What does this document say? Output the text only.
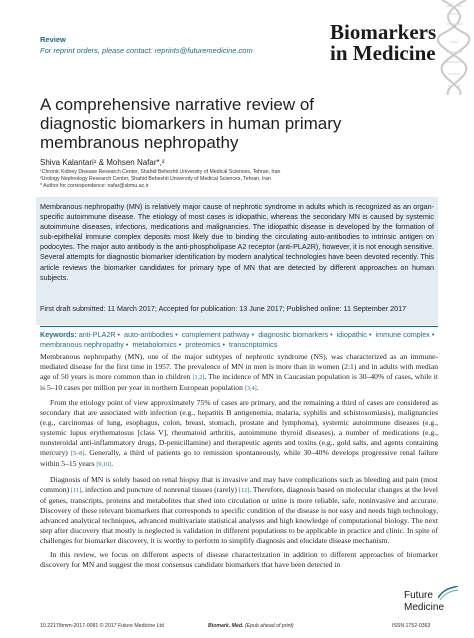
Review
For reprint orders, please contact: reprints@futuremedicine.com
Biomarkers
in Medicine
A comprehensive narrative review of
diagnostic biomarkers in human primary
membranous nephropathy
Shiva Kalantari¹ & Mohsen Nafar*,²
¹Chronic Kidney Disease Research Center, Shahid Beheshti University of Medical Sciences, Tehran, Iran
²Urology Nephrology Research Center, Shahid Beheshti University of Medical Sciences, Tehran, Iran
* Author for correspondence: nafar@sbmu.ac.ir
Membranous nephropathy (MN) is relatively major cause of nephrotic syndrome in adults which is recognized as an organ-specific autoimmune disease. The etiology of most cases is idiopathic, whereas the secondary MN is caused by systemic autoimmune diseases, infections, medications and malignancies. The idiopathic disease is developed by the formation of sub-epithelial immune complex deposits most likely due to binding the circulating auto-antibodies to intrinsic antigen on podocytes. The major auto antibody is the anti-phospholipase A2 receptor (anti-PLA2R), however, it is not enough sensitive. Several attempts for diagnostic biomarker identification by modern analytical technologies have been devoted recently. This article reviews the biomarker candidates for primary type of MN that are detected by different approaches on human subjects.
First draft submitted: 11 March 2017; Accepted for publication: 13 June 2017; Published online: 11 September 2017
Keywords: anti-PLA2R • auto-antibodies • complement pathway • diagnostic biomarkers • idiopathic • immune complex • membranous nephropathy • metabolomics • proteomics • transcriptomics

Membranous nephropathy (MN), one of the major subtypes of nephrotic syndrome (NS), was characterized as an immune-mediated disease for the first time in 1957. The prevalence of MN in men is more than in women (2:1) and in adults with median age of 50 years is more common than in children [1,2]. The incidence of MN in Caucasian population is 30–40% of cases, while it is 5–10 cases per million per year in northern European population [3,4].

From the etiology point of view approximately 75% of cases are primary, and the remaining a third of cases are considered as secondary that are associated with infection (e.g., hepatitis B antigenemia, malaria, syphilis and schistosomiasis), malignancies (e.g., carcinomas of lung, esophagus, colon, breast, stomach, prostate and lymphoma), systemic autoimmune diseases (e.g., systemic lupus erythematosus [class V], rheumatoid arthritis, autoimmune thyroid diseases), a number of medications (e.g., nonsteroidal anti-inflammatory drugs, D-penicillamine) and therapeutic agents and toxins (e.g., gold salts, and agents containing mercury) [5–8]. Generally, a third of patients go to remission spontaneously, while 30–40% develops progressive renal failure within 5–15 years [9,10].

Diagnosis of MN is solely based on renal biopsy that is invasive and may have complications such as bleeding and pain (most common) [11], infection and puncture of nonrenal tissues (rarely) [12]. Therefore, diagnosis based on molecular changes at the level of genes, transcripts, proteins and metabolites that shed into circulation or urine is more reliable, safe, noninvasive and accurate. Discovery of these relevant biomarkers that corresponds to specific condition of the disease is not easy and needs high technology, advanced analytical techniques, advanced multivariate statistical analyses and high knowledge of computational biology. The next step after discovery that mostly is neglected is validation in different populations to be applicable in practice and clinic. In spite of challenges for biomarker discovery, it is worthy to perform to simplify diagnosis and elucidate disease mechanism.

In this review, we focus on different aspects of disease characterization in addition to different approaches of biomarker discovery for MN and suggest the most consensus candidate biomarkers that have been detected in

Future
Medicine
10.2217/bmm-2017-0081 © 2017 Future Medicine Ltd	Biomark. Med. (Epub ahead of print)	ISSN 1752-0363
